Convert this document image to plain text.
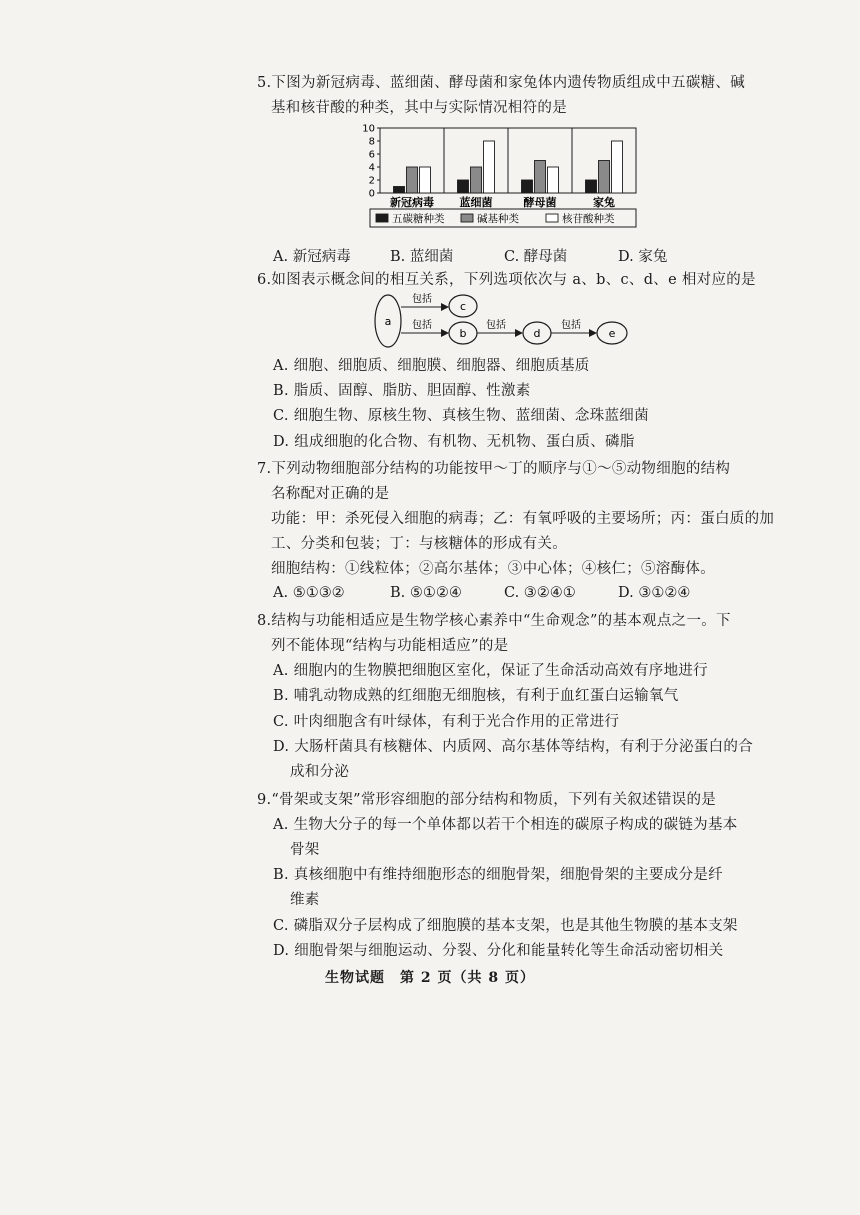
5.下图为新冠病毒、蓝细菌、酵母菌和家兔体内遗传物质组成中五碳糖、碱
基和核苷酸的种类，其中与实际情况相符的是
0
2
4
6
8
10
新冠病毒 蓝细菌	酵母菌	家兔
五碳糖种类	碱基种类	核苷酸种类
A. 新冠病毒	B. 蓝细菌	C. 酵母菌	D. 家兔
6.如图表示概念间的相互关系，下列选项依次与 a、b、c、d、e 相对应的是
a
c
b	d	e
包括
包括	包括	包括
A. 细胞、细胞质、细胞膜、细胞器、细胞质基质
B. 脂质、固醇、脂肪、胆固醇、性激素
C. 细胞生物、原核生物、真核生物、蓝细菌、念珠蓝细菌
D. 组成细胞的化合物、有机物、无机物、蛋白质、磷脂
7.下列动物细胞部分结构的功能按甲～丁的顺序与①～⑤动物细胞的结构
名称配对正确的是
功能：甲：杀死侵入细胞的病毒；乙：有氧呼吸的主要场所；丙：蛋白质的加
工、分类和包装；丁：与核糖体的形成有关。
细胞结构：①线粒体；②高尔基体；③中心体；④核仁；⑤溶酶体。
A. ⑤①③②	B. ⑤①②④	C. ③②④①	D. ③①②④
8.结构与功能相适应是生物学核心素养中“生命观念”的基本观点之一。下
列不能体现“结构与功能相适应”的是
A. 细胞内的生物膜把细胞区室化，保证了生命活动高效有序地进行
B. 哺乳动物成熟的红细胞无细胞核，有利于血红蛋白运输氧气
C. 叶肉细胞含有叶绿体，有利于光合作用的正常进行
D. 大肠杆菌具有核糖体、内质网、高尔基体等结构，有利于分泌蛋白的合
成和分泌
9.“骨架或支架”常形容细胞的部分结构和物质，下列有关叙述错误的是
A. 生物大分子的每一个单体都以若干个相连的碳原子构成的碳链为基本
骨架
B. 真核细胞中有维持细胞形态的细胞骨架，细胞骨架的主要成分是纤
维素
C. 磷脂双分子层构成了细胞膜的基本支架，也是其他生物膜的基本支架
D. 细胞骨架与细胞运动、分裂、分化和能量转化等生命活动密切相关
生物试题　第 2 页（共 8 页）
